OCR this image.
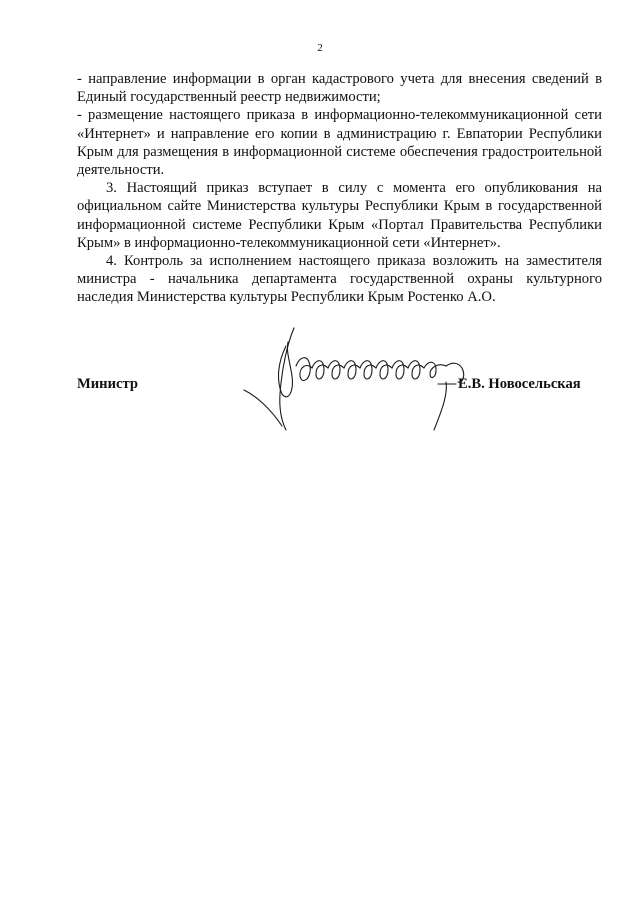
2

- направление информации в орган кадастрового учета для внесения сведений в Единый государственный реестр недвижимости;

- размещение настоящего приказа в информационно-телекоммуникационной сети «Интернет» и направление его копии в администрацию г. Евпатории Республики Крым для размещения в информационной системе обеспечения градостроительной деятельности.

3. Настоящий приказ вступает в силу с момента его опубликования на официальном сайте Министерства культуры Республики Крым в государственной информационной системе Республики Крым «Портал Правительства Республики Крым» в информационно-телекоммуникационной сети «Интернет».

4. Контроль за исполнением настоящего приказа возложить на заместителя министра - начальника департамента государственной охраны культурного наследия Министерства культуры Республики Крым Ростенко А.О.

Министр	Е.В. Новосельская
